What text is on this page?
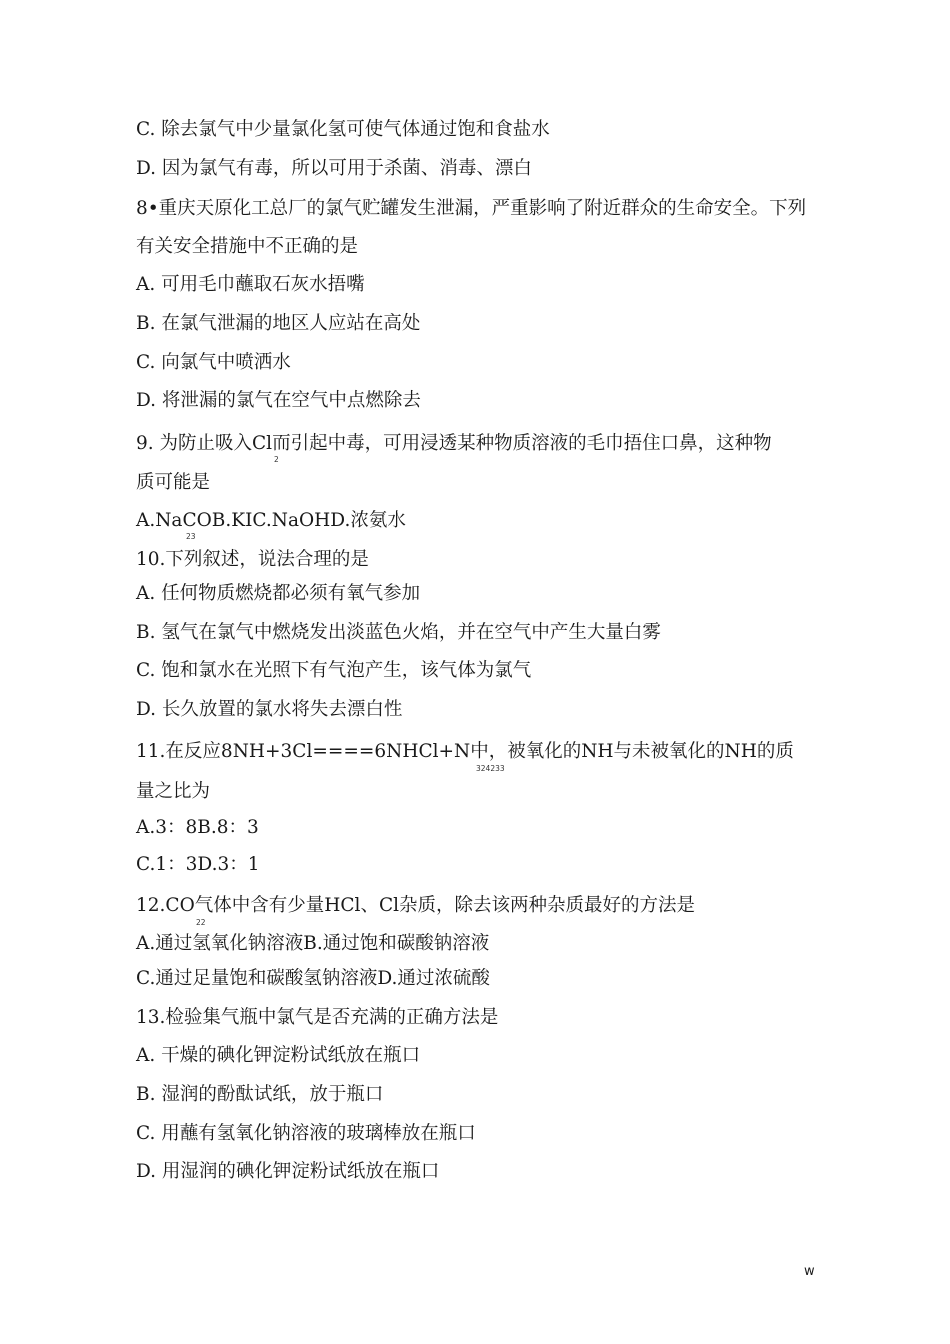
C. 除去氯气中少量氯化氢可使气体通过饱和食盐水
D. 因为氯气有毒，所以可用于杀菌、消毒、漂白
8•重庆天原化工总厂的氯气贮罐发生泄漏，严重影响了附近群众的生命安全。下列
有关安全措施中不正确的是
A. 可用毛巾蘸取石灰水捂嘴
B. 在氯气泄漏的地区人应站在高处
C. 向氯气中喷洒水
D. 将泄漏的氯气在空气中点燃除去
9. 为防止吸入Cl而引起中毒，可用浸透某种物质溶液的毛巾捂住口鼻，这种物
2
质可能是
A.NaCOB.KIC.NaOHD.浓氨水
23
10.下列叙述，说法合理的是
A. 任何物质燃烧都必须有氧气参加
B. 氢气在氯气中燃烧发出淡蓝色火焰，并在空气中产生大量白雾
C. 饱和氯水在光照下有气泡产生，该气体为氯气
D. 长久放置的氯水将失去漂白性
11.在反应8NH+3Cl====6NHCl+N中，被氧化的NH与未被氧化的NH的质
324233
量之比为
A.3：8B.8：3
C.1：3D.3：1
12.CO气体中含有少量HCl、Cl杂质，除去该两种杂质最好的方法是
22
A.通过氢氧化钠溶液B.通过饱和碳酸钠溶液
C.通过足量饱和碳酸氢钠溶液D.通过浓硫酸
13.检验集气瓶中氯气是否充满的正确方法是
A. 干燥的碘化钾淀粉试纸放在瓶口
B. 湿润的酚酞试纸，放于瓶口
C. 用蘸有氢氧化钠溶液的玻璃棒放在瓶口
D. 用湿润的碘化钾淀粉试纸放在瓶口
w
